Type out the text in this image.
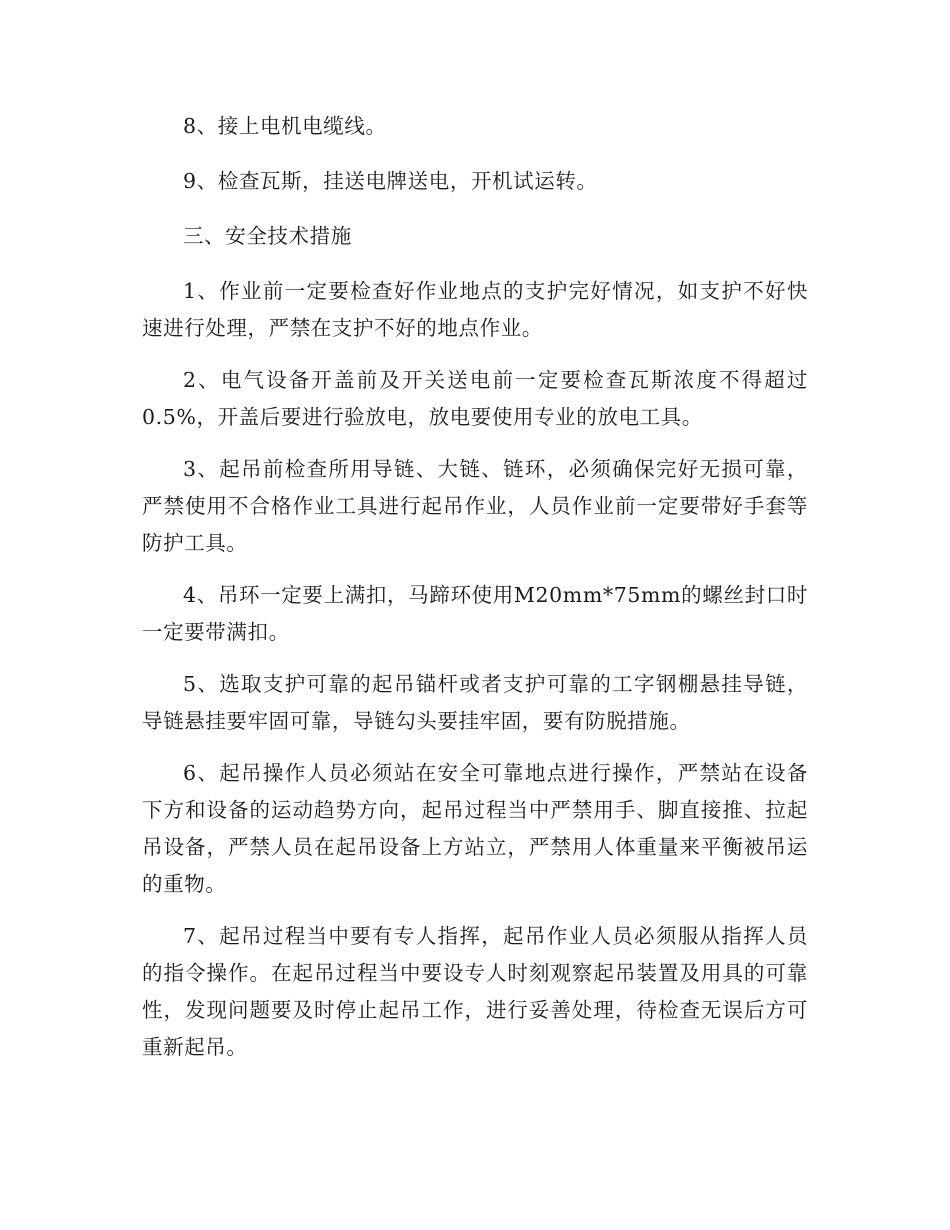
8、接上电机电缆线。

9、检查瓦斯，挂送电牌送电，开机试运转。

三、安全技术措施

1、作业前一定要检查好作业地点的支护完好情况，如支护不好快速进行处理，严禁在支护不好的地点作业。

2、电气设备开盖前及开关送电前一定要检查瓦斯浓度不得超过0.5%，开盖后要进行验放电，放电要使用专业的放电工具。

3、起吊前检查所用导链、大链、链环，必须确保完好无损可靠，严禁使用不合格作业工具进行起吊作业，人员作业前一定要带好手套等防护工具。

4、吊环一定要上满扣，马蹄环使用M20mm*75mm的螺丝封口时一定要带满扣。

5、选取支护可靠的起吊锚杆或者支护可靠的工字钢棚悬挂导链，导链悬挂要牢固可靠，导链勾头要挂牢固，要有防脱措施。

6、起吊操作人员必须站在安全可靠地点进行操作，严禁站在设备下方和设备的运动趋势方向，起吊过程当中严禁用手、脚直接推、拉起吊设备，严禁人员在起吊设备上方站立，严禁用人体重量来平衡被吊运的重物。

7、起吊过程当中要有专人指挥，起吊作业人员必须服从指挥人员的指令操作。在起吊过程当中要设专人时刻观察起吊装置及用具的可靠性，发现问题要及时停止起吊工作，进行妥善处理，待检查无误后方可重新起吊。
